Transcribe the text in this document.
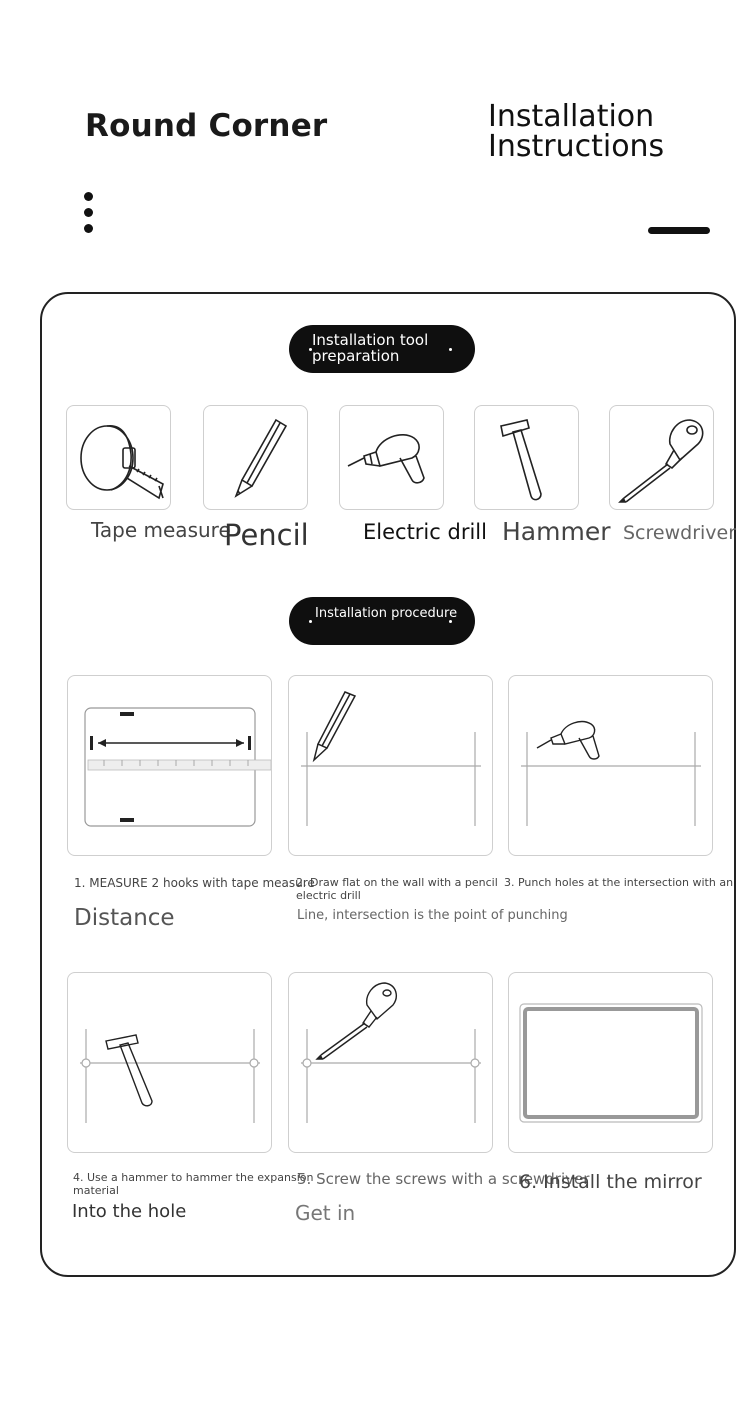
Round Corner	Installation
Instructions
Installation tool
preparation
Tape measure
Pencil	Electric drill Hammer Screwdriver
Installation procedure
1. MEASURE 2 hooks with tape measure
Distance
2. Draw flat on the wall with a pencil
Line, intersection is the point of punching
3. Punch holes at the intersection with an
electric drill
4. Use a hammer to hammer the expansion
material
Into the hole
5. Screw the screws with a screwdriver
Get in
6. Install the mirror
